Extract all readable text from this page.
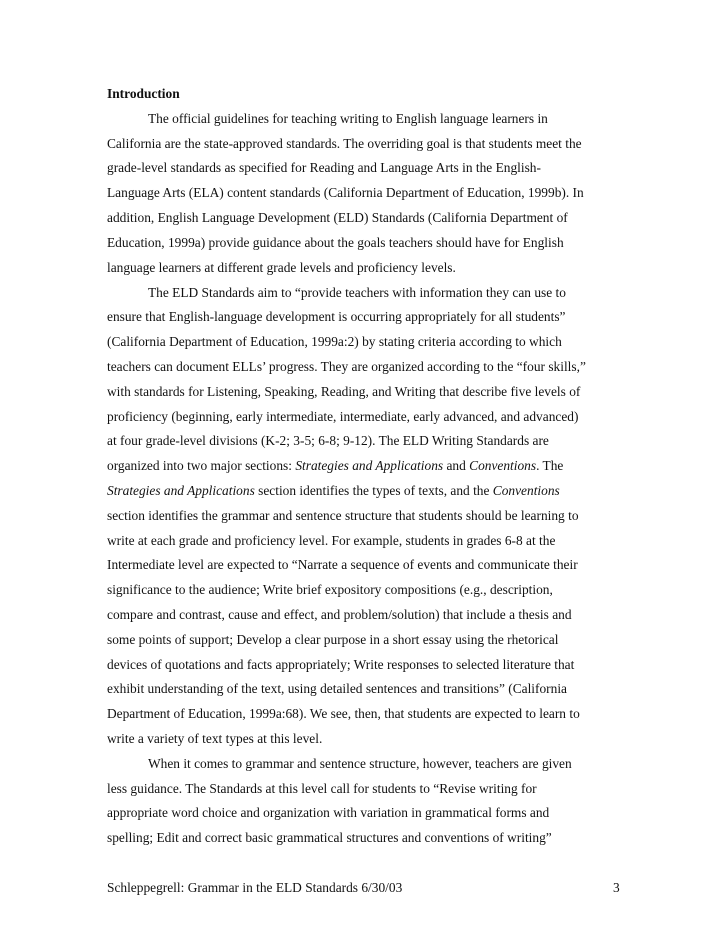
Introduction
The official guidelines for teaching writing to English language learners in
California are the state-approved standards. The overriding goal is that students meet the
grade-level standards as specified for Reading and Language Arts in the English-
Language Arts (ELA) content standards (California Department of Education, 1999b). In
addition, English Language Development (ELD) Standards (California Department of
Education, 1999a) provide guidance about the goals teachers should have for English
language learners at different grade levels and proficiency levels.
The ELD Standards aim to “provide teachers with information they can use to
ensure that English-language development is occurring appropriately for all students”
(California Department of Education, 1999a:2) by stating criteria according to which
teachers can document ELLs’ progress. They are organized according to the “four skills,”
with standards for Listening, Speaking, Reading, and Writing that describe five levels of
proficiency (beginning, early intermediate, intermediate, early advanced, and advanced)
at four grade-level divisions (K-2; 3-5; 6-8; 9-12). The ELD Writing Standards are
organized into two major sections: Strategies and Applications and Conventions. The
Strategies and Applications section identifies the types of texts, and the Conventions
section identifies the grammar and sentence structure that students should be learning to
write at each grade and proficiency level. For example, students in grades 6-8 at the
Intermediate level are expected to “Narrate a sequence of events and communicate their
significance to the audience; Write brief expository compositions (e.g., description,
compare and contrast, cause and effect, and problem/solution) that include a thesis and
some points of support; Develop a clear purpose in a short essay using the rhetorical
devices of quotations and facts appropriately; Write responses to selected literature that
exhibit understanding of the text, using detailed sentences and transitions” (California
Department of Education, 1999a:68). We see, then, that students are expected to learn to
write a variety of text types at this level.
When it comes to grammar and sentence structure, however, teachers are given
less guidance. The Standards at this level call for students to “Revise writing for
appropriate word choice and organization with variation in grammatical forms and
spelling; Edit and correct basic grammatical structures and conventions of writing”
Schleppegrell: Grammar in the ELD Standards 6/30/03	3
